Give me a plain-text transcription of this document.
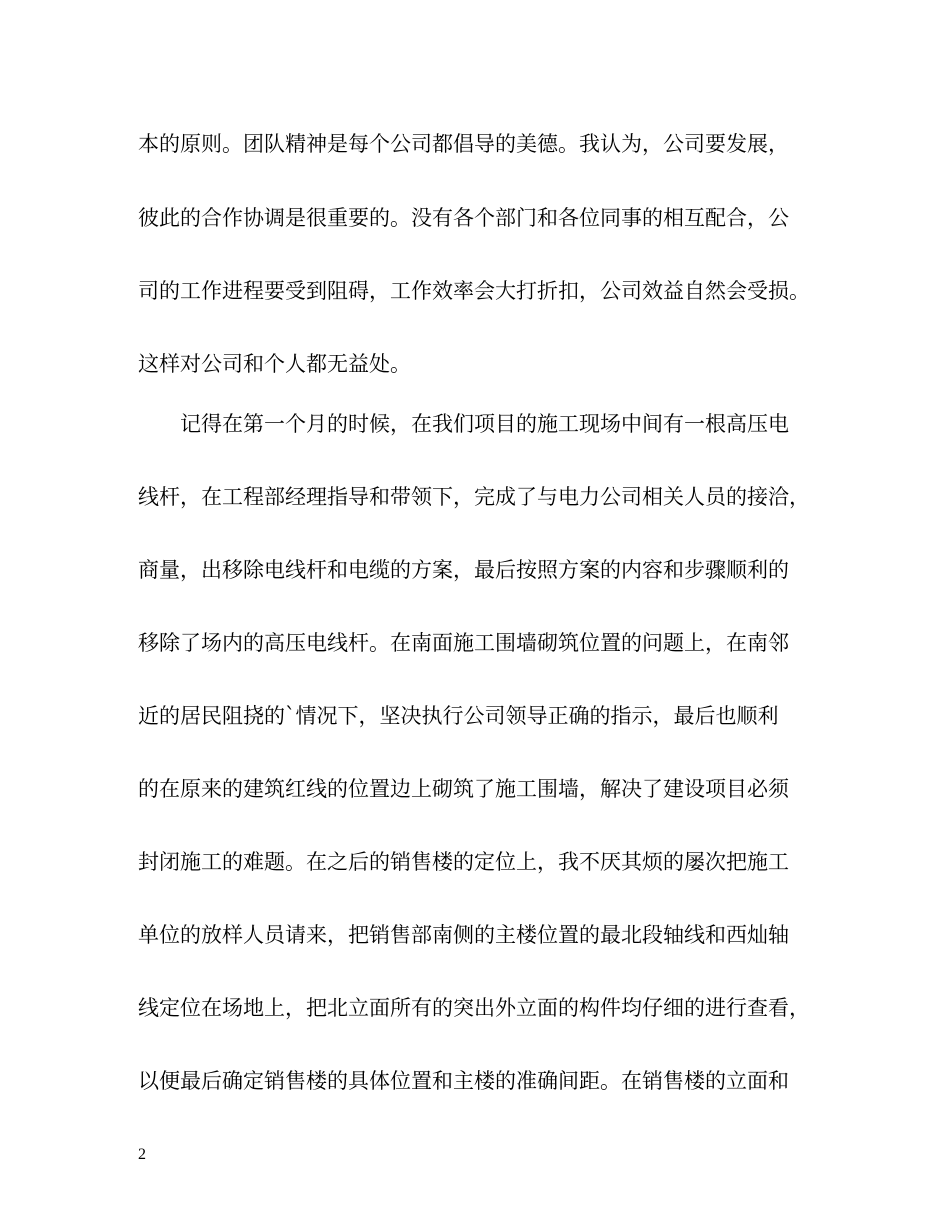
本的原则。团队精神是每个公司都倡导的美德。我认为，公司要发展，
彼此的合作协调是很重要的。没有各个部门和各位同事的相互配合，公
司的工作进程要受到阻碍，工作效率会大打折扣，公司效益自然会受损。
这样对公司和个人都无益处。
记得在第一个月的时候，在我们项目的施工现场中间有一根高压电
线杆，在工程部经理指导和带领下，完成了与电力公司相关人员的接洽，
商量，出移除电线杆和电缆的方案，最后按照方案的内容和步骤顺利的
移除了场内的高压电线杆。在南面施工围墙砌筑位置的问题上，在南邻
近的居民阻挠的`情况下，坚决执行公司领导正确的指示，最后也顺利
的在原来的建筑红线的位置边上砌筑了施工围墙，解决了建设项目必须
封闭施工的难题。在之后的销售楼的定位上，我不厌其烦的屡次把施工
单位的放样人员请来，把销售部南侧的主楼位置的最北段轴线和西灿轴
线定位在场地上，把北立面所有的突出外立面的构件均仔细的进行查看，
以便最后确定销售楼的具体位置和主楼的准确间距。在销售楼的立面和
2
